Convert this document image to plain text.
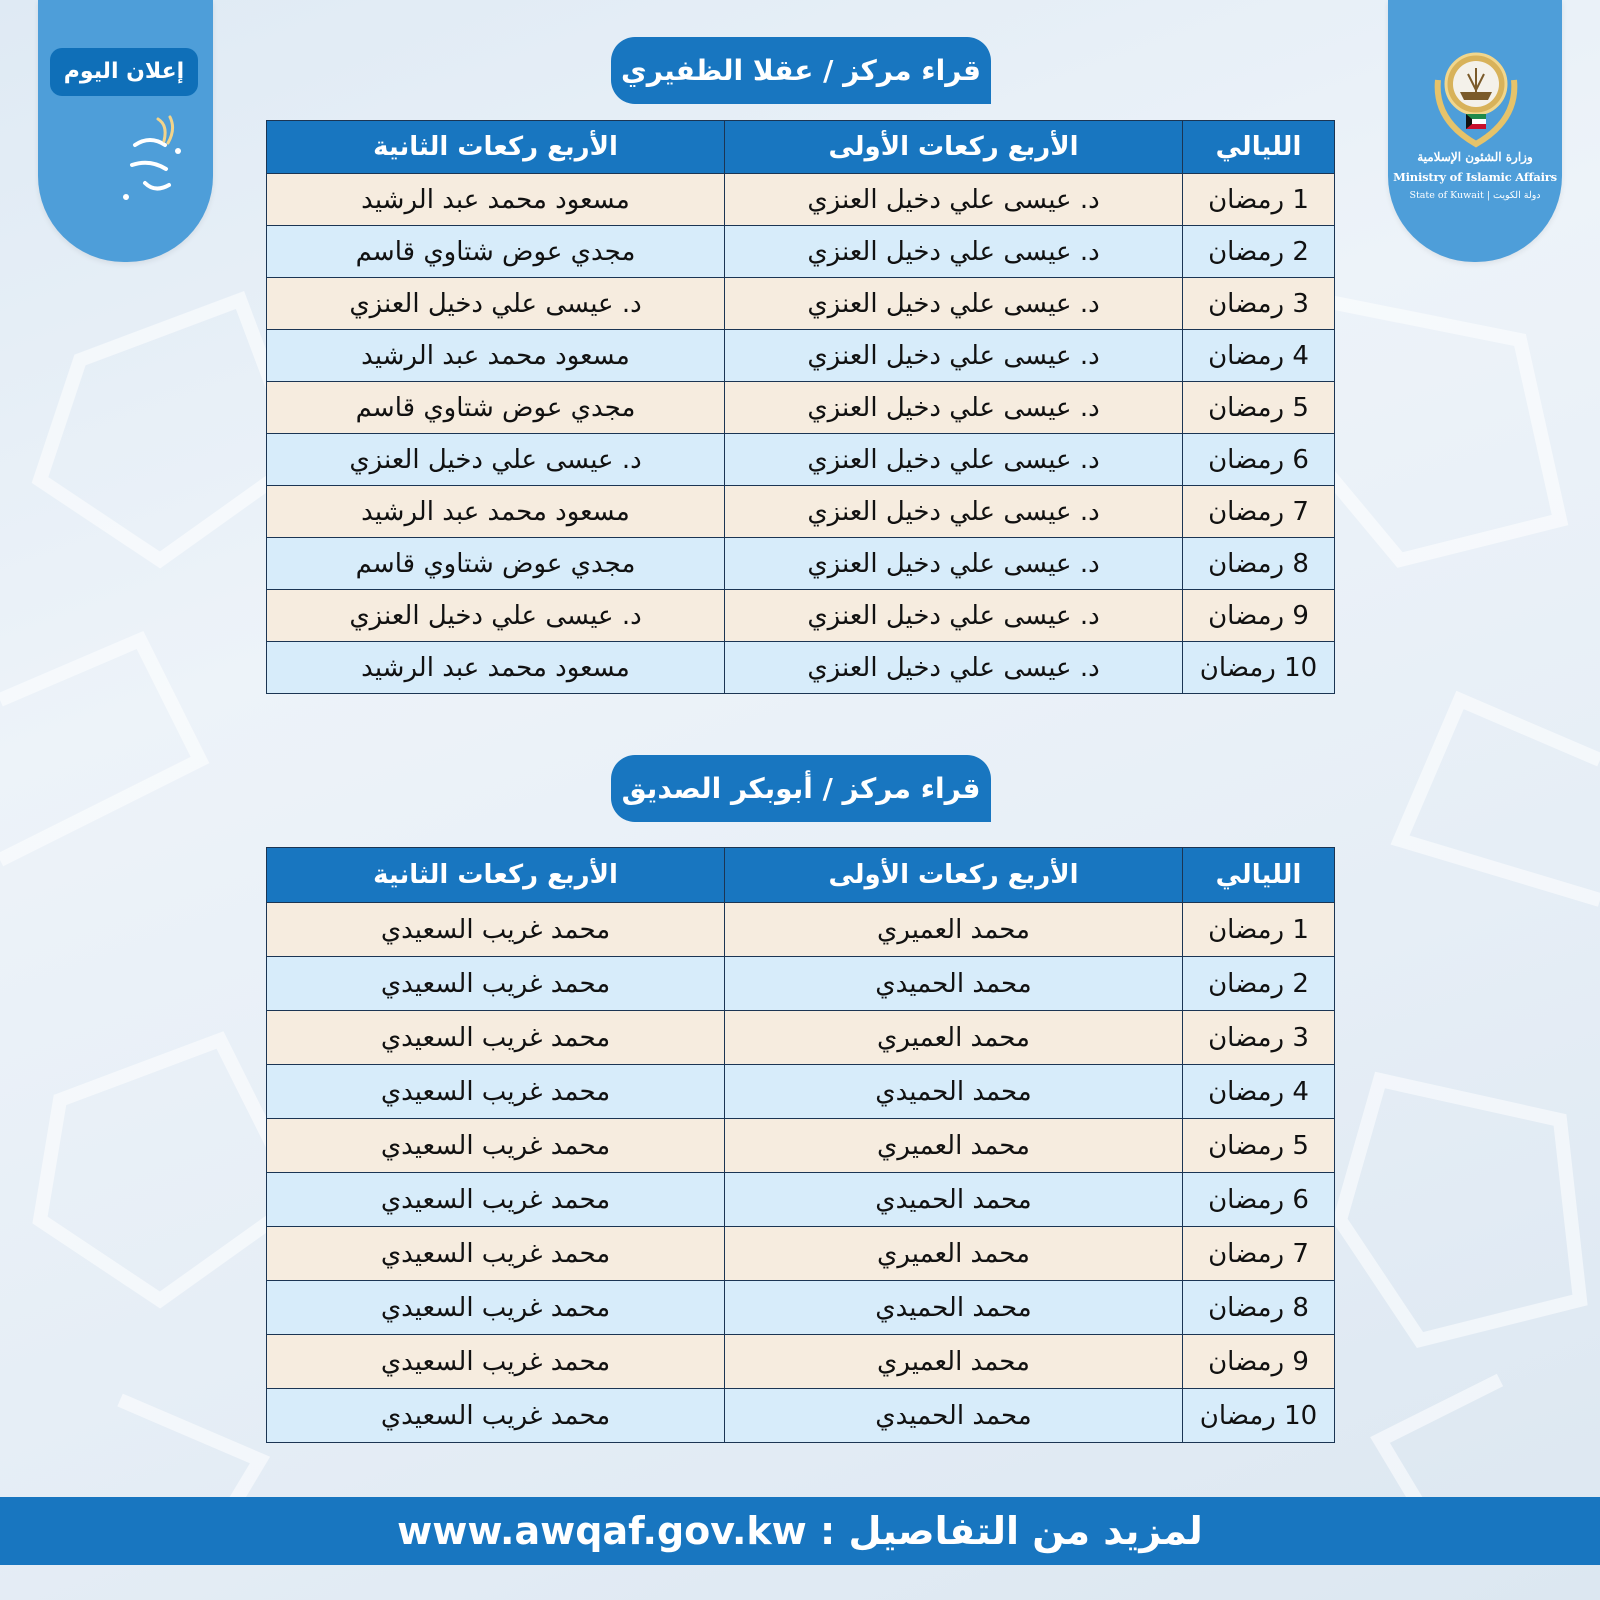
إعلان اليوم
وزارة الشئون الإسلامية
Ministry of Islamic Affairs
State of Kuwait | دولة الكويت
قراء مركز / عقلا الظفيري
الليالي	الأربع ركعات الأولى	الأربع ركعات الثانية
1 رمضان	د. عيسى علي دخيل العنزي	مسعود محمد عبد الرشيد
2 رمضان	د. عيسى علي دخيل العنزي	مجدي عوض شتاوي قاسم
3 رمضان	د. عيسى علي دخيل العنزي	د. عيسى علي دخيل العنزي
4 رمضان	د. عيسى علي دخيل العنزي	مسعود محمد عبد الرشيد
5 رمضان	د. عيسى علي دخيل العنزي	مجدي عوض شتاوي قاسم
6 رمضان	د. عيسى علي دخيل العنزي	د. عيسى علي دخيل العنزي
7 رمضان	د. عيسى علي دخيل العنزي	مسعود محمد عبد الرشيد
8 رمضان	د. عيسى علي دخيل العنزي	مجدي عوض شتاوي قاسم
9 رمضان	د. عيسى علي دخيل العنزي	د. عيسى علي دخيل العنزي
10 رمضان	د. عيسى علي دخيل العنزي	مسعود محمد عبد الرشيد
قراء مركز / أبوبكر الصديق
الليالي	الأربع ركعات الأولى	الأربع ركعات الثانية
1 رمضان	محمد العميري	محمد غريب السعيدي
2 رمضان	محمد الحميدي	محمد غريب السعيدي
3 رمضان	محمد العميري	محمد غريب السعيدي
4 رمضان	محمد الحميدي	محمد غريب السعيدي
5 رمضان	محمد العميري	محمد غريب السعيدي
6 رمضان	محمد الحميدي	محمد غريب السعيدي
7 رمضان	محمد العميري	محمد غريب السعيدي
8 رمضان	محمد الحميدي	محمد غريب السعيدي
9 رمضان	محمد العميري	محمد غريب السعيدي
10 رمضان	محمد الحميدي	محمد غريب السعيدي
www.awqaf.gov.kw لمزيد من التفاصيل :
